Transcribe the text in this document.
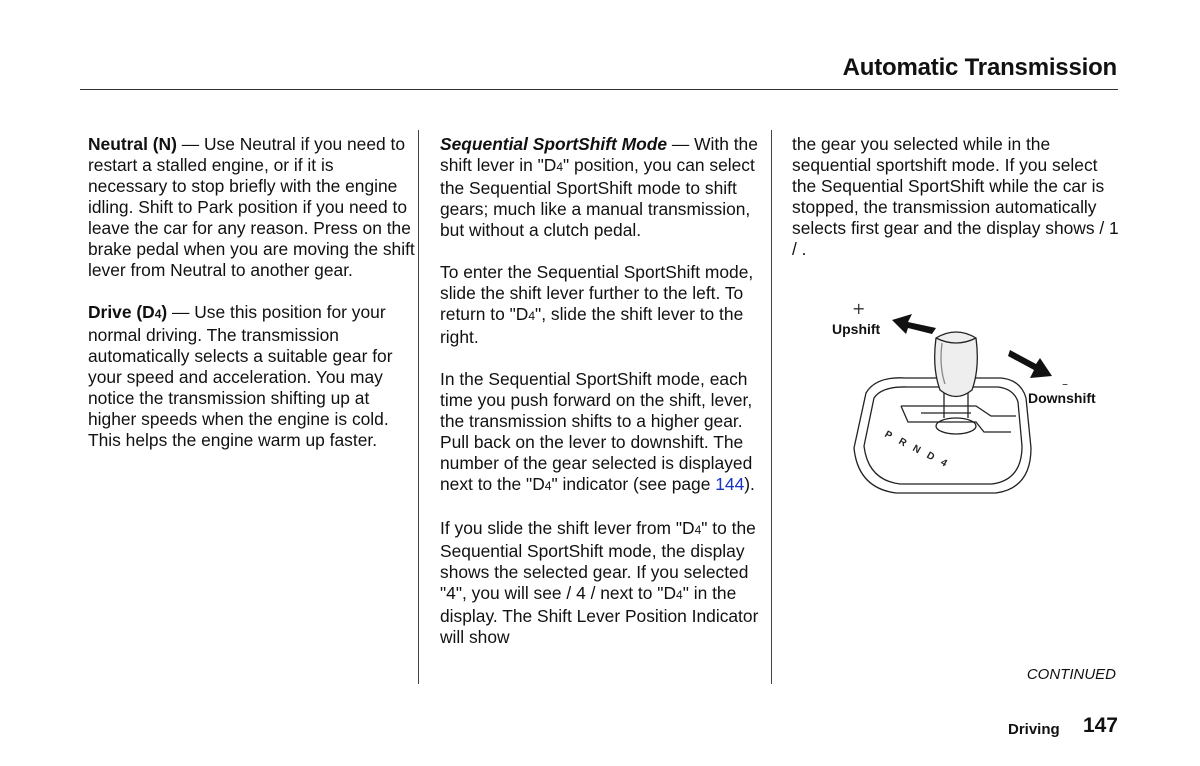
Automatic Transmission

Neutral (N) — Use Neutral if you need to restart a stalled engine, or if it is necessary to stop briefly with the engine idling. Shift to Park position if you need to leave the car for any reason. Press on the brake pedal when you are moving the shift lever from Neutral to another gear.

Drive (D4) — Use this position for your normal driving. The transmission automatically selects a suitable gear for your speed and acceleration. You may notice the transmission shifting up at higher speeds when the engine is cold. This helps the engine warm up faster.

Sequential SportShift Mode — With the shift lever in "D4" position, you can select the Sequential SportShift mode to shift gears; much like a manual transmission, but without a clutch pedal.

To enter the Sequential SportShift mode, slide the shift lever further to the left. To return to "D4", slide the shift lever to the right.

In the Sequential SportShift mode, each time you push forward on the shift, lever, the transmission shifts to a higher gear. Pull back on the lever to downshift. The number of the gear selected is displayed next to the "D4" indicator (see page 144).

If you slide the shift lever from "D4" to the Sequential SportShift mode, the display shows the selected gear. If you selected "4", you will see / 4 / next to "D4" in the display. The Shift Lever Position Indicator will show

the gear you selected while in the sequential sportshift mode. If you select the Sequential SportShift while the car is stopped, the transmission automatically selects first gear and the display shows / 1 / .

P
R
N
D
4
+
–
Upshift
Downshift
CONTINUED
Driving 147
